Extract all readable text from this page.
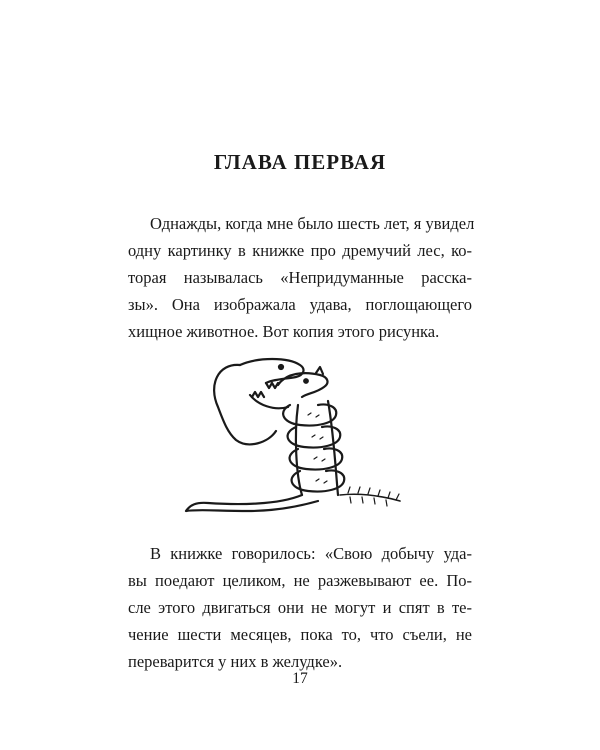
ГЛАВА ПЕРВАЯ
Однажды, когда мне было шесть лет, я увидел
одну картинку в книжке про дремучий лес, ко-
торая называлась «Непридуманные расска-
зы». Она изображала удава, поглощающего
хищное животное. Вот копия этого рисунка.
В книжке говорилось: «Свою добычу уда-
вы поедают целиком, не разжевывают ее. По-
сле этого двигаться они не могут и спят в те-
чение шести месяцев, пока то, что съели, не
переварится у них в желудке».
17
